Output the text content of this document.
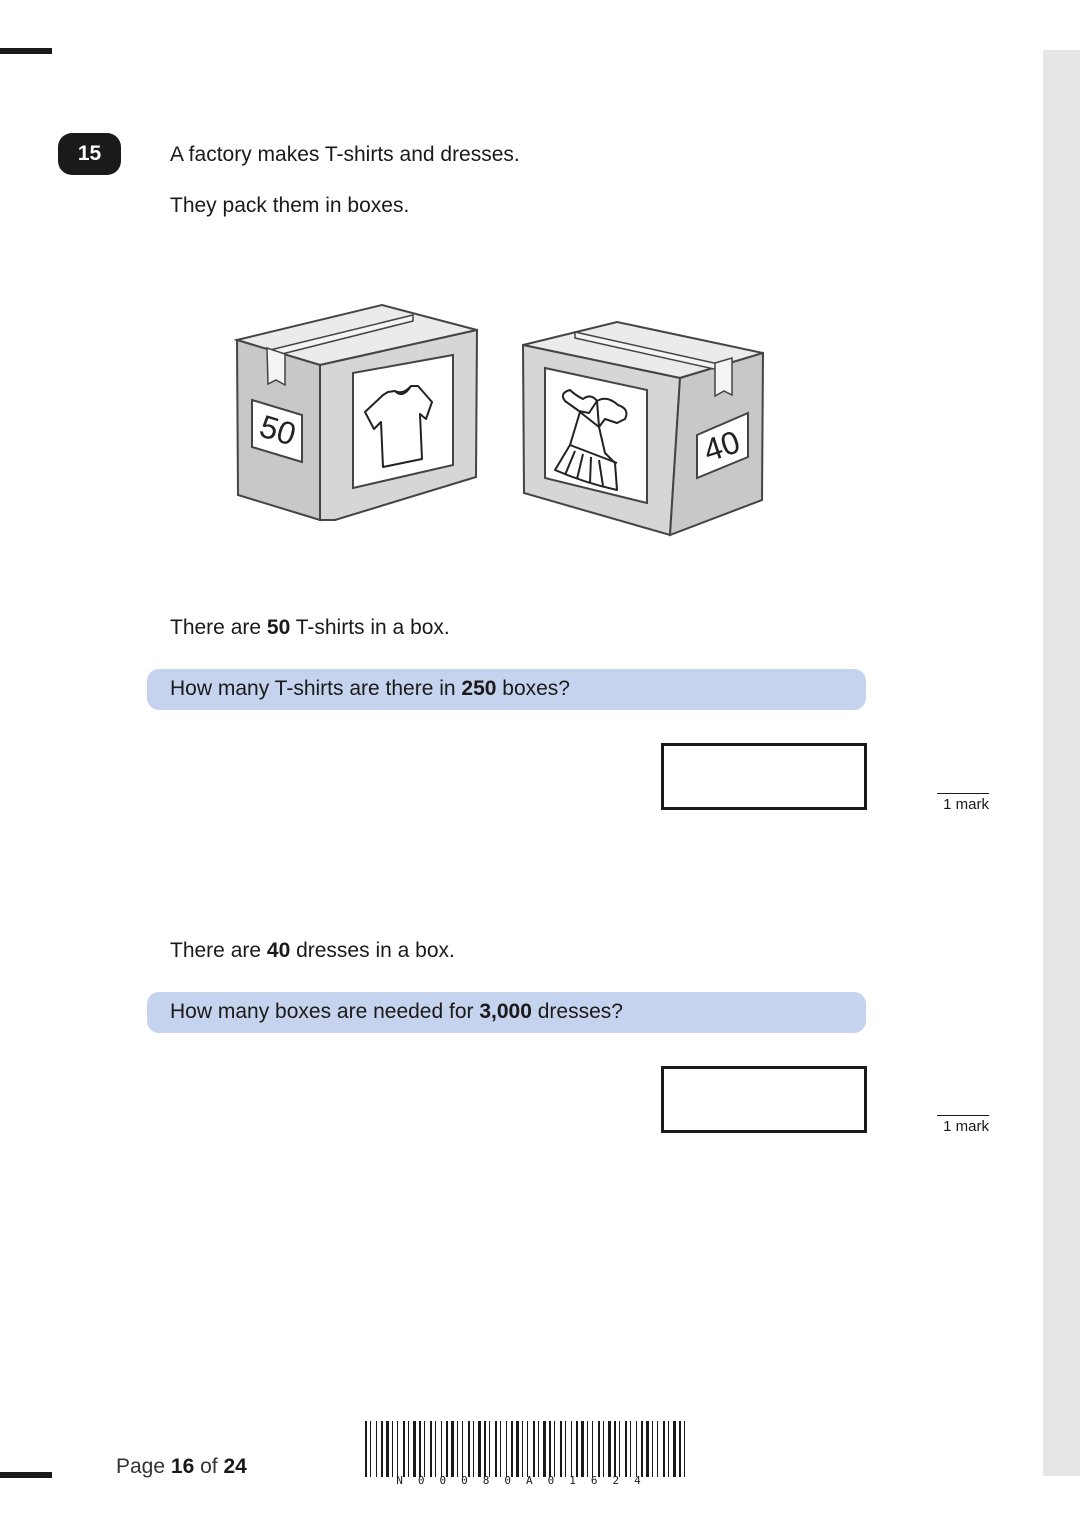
15	A factory makes T-shirts and dresses.
They pack them in boxes.
50	40
There are 50 T-shirts in a box.
How many T-shirts are there in 250 boxes?
1 mark
There are 40 dresses in a box.
How many boxes are needed for 3,000 dresses?
1 mark
Page 16 of 24
N00080A01624
